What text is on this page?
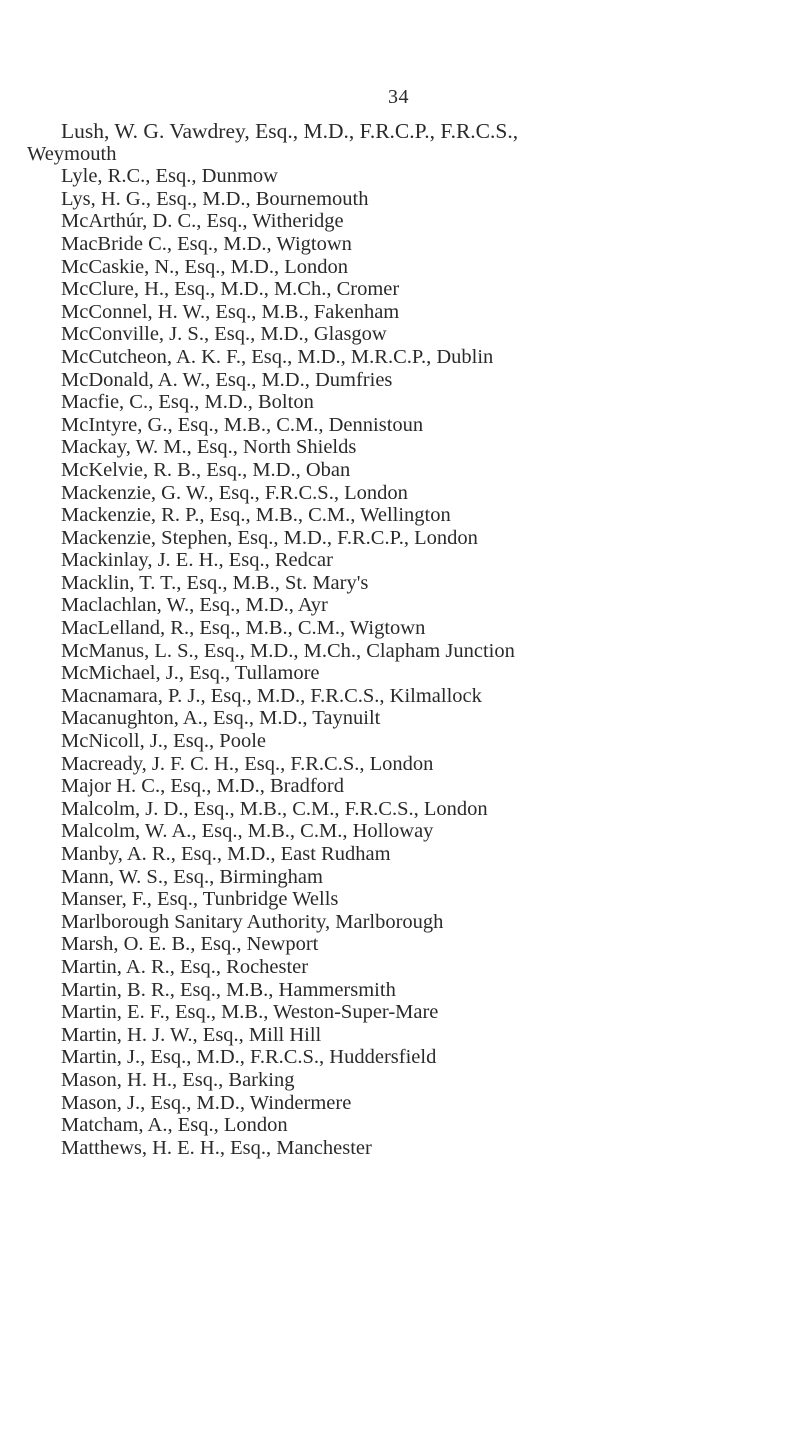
34
Lush, W. G. Vawdrey, Esq., M.D., F.R.C.P., F.R.C.S.,
Weymouth
Lyle, R.C., Esq., Dunmow
Lys, H. G., Esq., M.D., Bournemouth
McArthúr, D. C., Esq., Witheridge
MacBride C., Esq., M.D., Wigtown
McCaskie, N., Esq., M.D., London
McClure, H., Esq., M.D., M.Ch., Cromer
McConnel, H. W., Esq., M.B., Fakenham
McConville, J. S., Esq., M.D., Glasgow
McCutcheon, A. K. F., Esq., M.D., M.R.C.P., Dublin
McDonald, A. W., Esq., M.D., Dumfries
Macfie, C., Esq., M.D., Bolton
McIntyre, G., Esq., M.B., C.M., Dennistoun
Mackay, W. M., Esq., North Shields
McKelvie, R. B., Esq., M.D., Oban
Mackenzie, G. W., Esq., F.R.C.S., London
Mackenzie, R. P., Esq., M.B., C.M., Wellington
Mackenzie, Stephen, Esq., M.D., F.R.C.P., London
Mackinlay, J. E. H., Esq., Redcar
Macklin, T. T., Esq., M.B., St. Mary's
Maclachlan, W., Esq., M.D., Ayr
MacLelland, R., Esq., M.B., C.M., Wigtown
McManus, L. S., Esq., M.D., M.Ch., Clapham Junction
McMichael, J., Esq., Tullamore
Macnamara, P. J., Esq., M.D., F.R.C.S., Kilmallock
Macanughton, A., Esq., M.D., Taynuilt
McNicoll, J., Esq., Poole
Macready, J. F. C. H., Esq., F.R.C.S., London
Major H. C., Esq., M.D., Bradford
Malcolm, J. D., Esq., M.B., C.M., F.R.C.S., London
Malcolm, W. A., Esq., M.B., C.M., Holloway
Manby, A. R., Esq., M.D., East Rudham
Mann, W. S., Esq., Birmingham
Manser, F., Esq., Tunbridge Wells
Marlborough Sanitary Authority, Marlborough
Marsh, O. E. B., Esq., Newport
Martin, A. R., Esq., Rochester
Martin, B. R., Esq., M.B., Hammersmith
Martin, E. F., Esq., M.B., Weston-Super-Mare
Martin, H. J. W., Esq., Mill Hill
Martin, J., Esq., M.D., F.R.C.S., Huddersfield
Mason, H. H., Esq., Barking
Mason, J., Esq., M.D., Windermere
Matcham, A., Esq., London
Matthews, H. E. H., Esq., Manchester
